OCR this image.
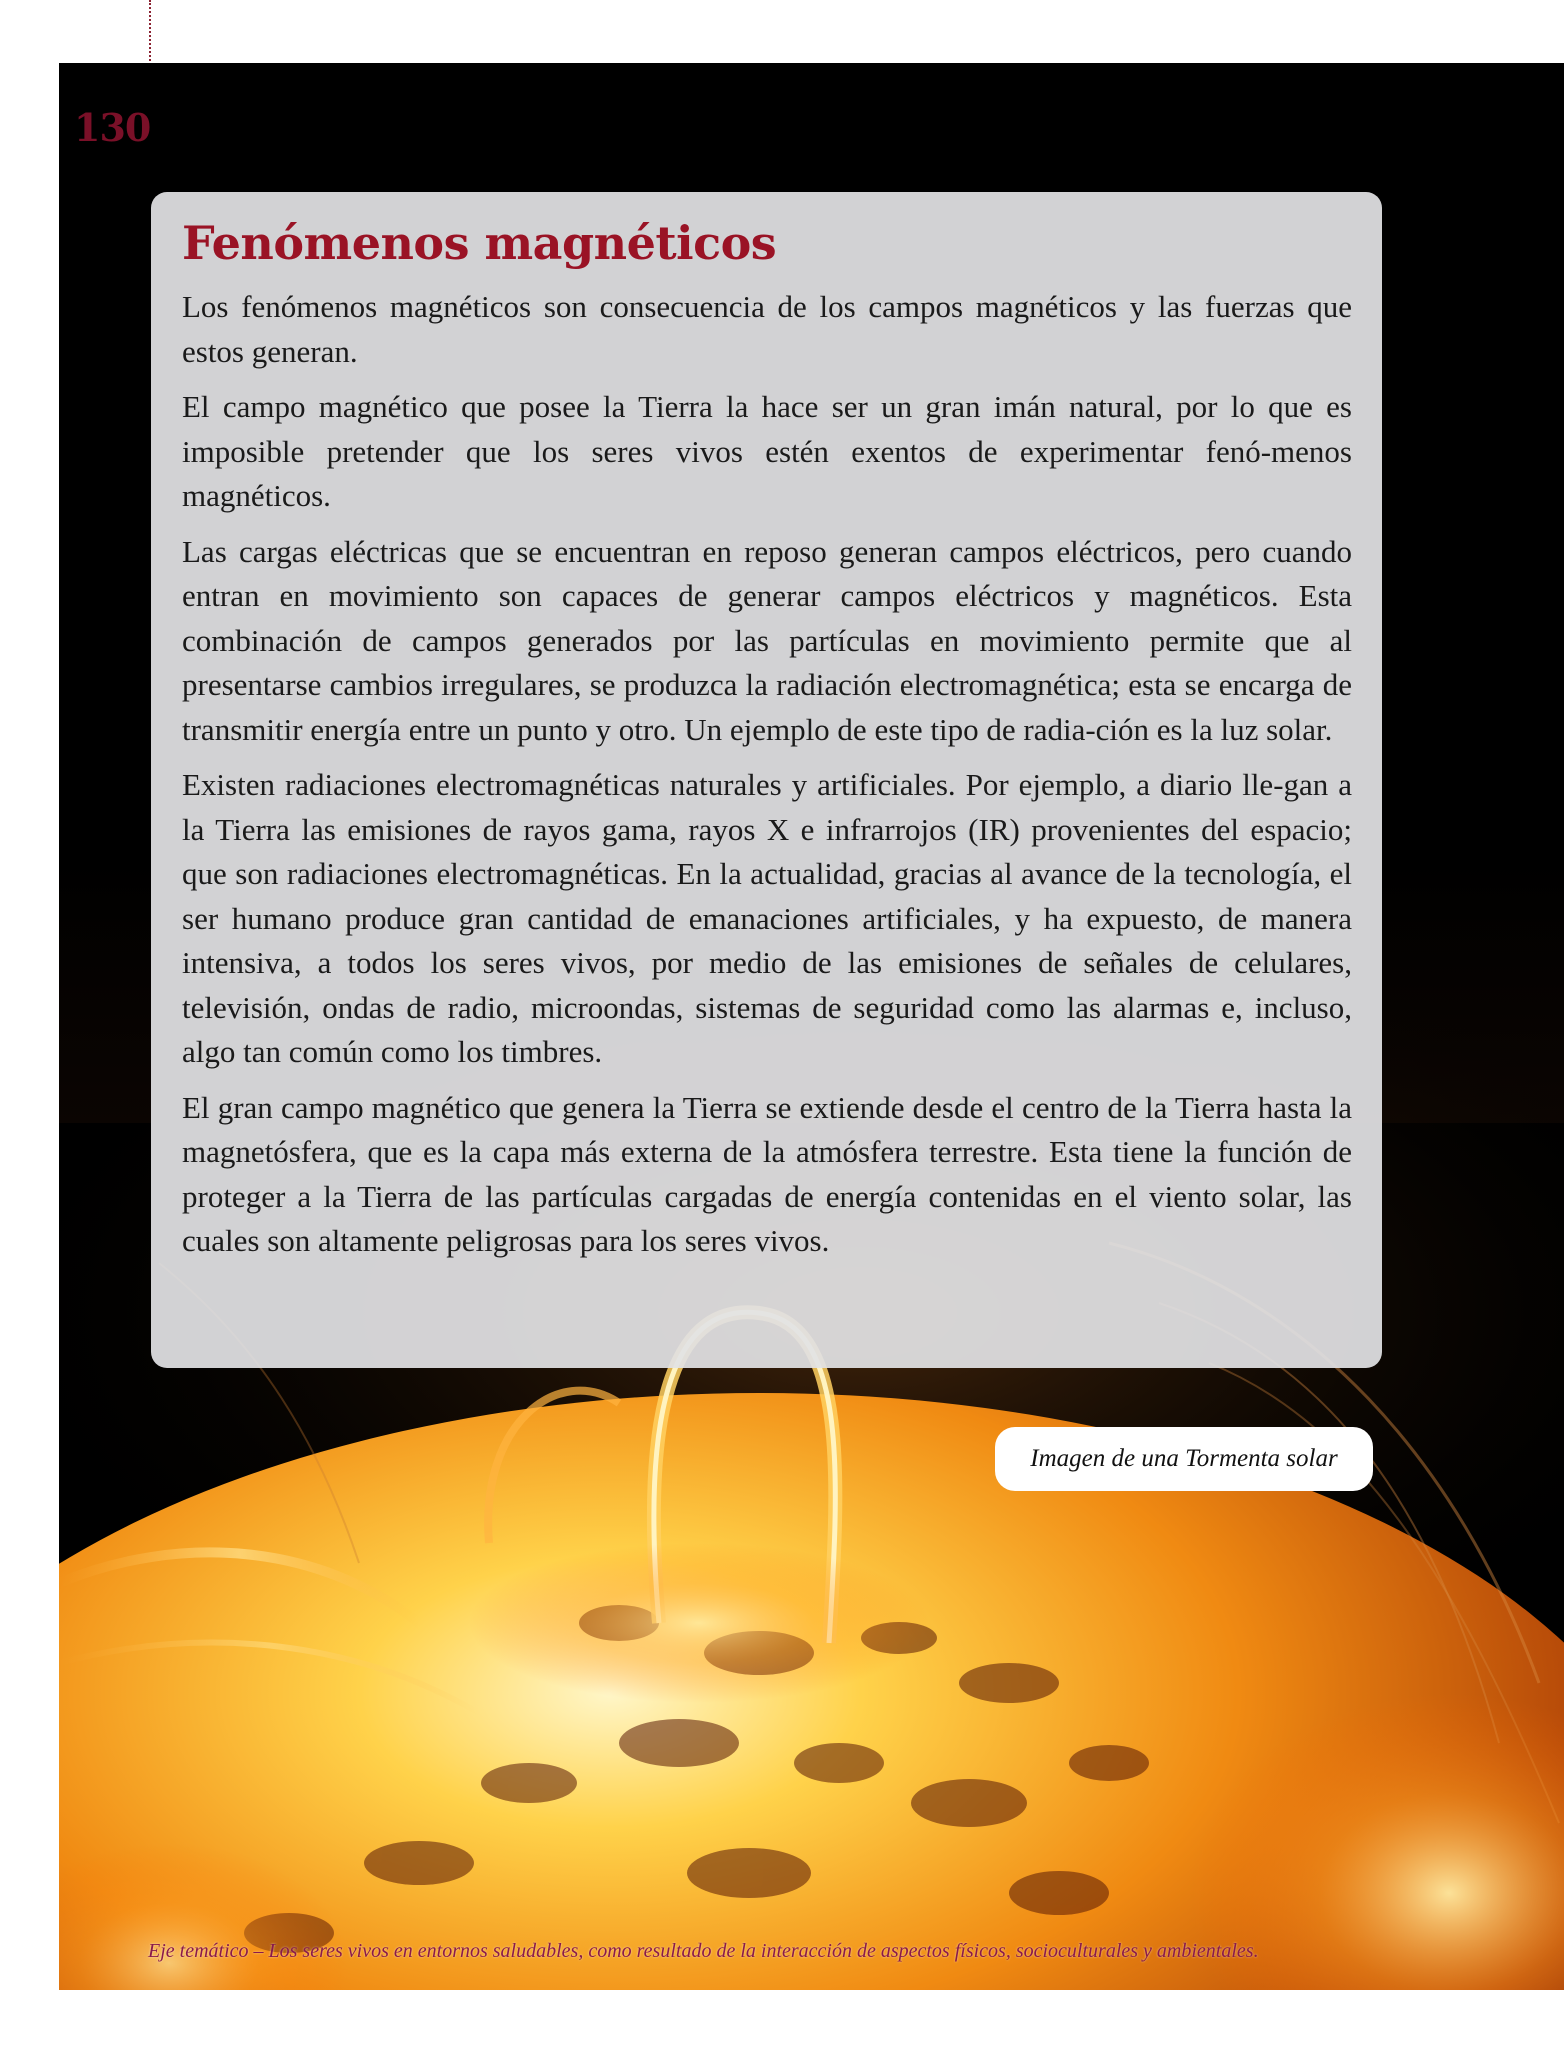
130
Fenómenos magnéticos

Los fenómenos magnéticos son consecuencia de los campos magnéticos y las fuerzas que estos generan.

El campo magnético que posee la Tierra la hace ser un gran imán natural, por lo que es imposible pretender que los seres vivos estén exentos de experimentar fenó-menos magnéticos.

Las cargas eléctricas que se encuentran en reposo generan campos eléctricos, pero cuando entran en movimiento son capaces de generar campos eléctricos y magnéticos. Esta combinación de campos generados por las partículas en movimiento permite que al presentarse cambios irregulares, se produzca la radiación electromagnética; esta se encarga de transmitir energía entre un punto y otro. Un ejemplo de este tipo de radia-ción es la luz solar.

Existen radiaciones electromagnéticas naturales y artificiales. Por ejemplo, a diario lle-gan a la Tierra las emisiones de rayos gama, rayos X e infrarrojos (IR) provenientes del espacio; que son radiaciones electromagnéticas. En la actualidad, gracias al avance de la tecnología, el ser humano produce gran cantidad de emanaciones artificiales, y ha expuesto, de manera intensiva, a todos los seres vivos, por medio de las emisiones de señales de celulares, televisión, ondas de radio, microondas, sistemas de seguridad como las alarmas e, incluso, algo tan común como los timbres.

El gran campo magnético que genera la Tierra se extiende desde el centro de la Tierra hasta la magnetósfera, que es la capa más externa de la atmósfera terrestre. Esta tiene la función de proteger a la Tierra de las partículas cargadas de energía contenidas en el viento solar, las cuales son altamente peligrosas para los seres vivos.

Imagen de una Tormenta solar
Eje temático – Los seres vivos en entornos saludables, como resultado de la interacción de aspectos físicos, socioculturales y ambientales.
